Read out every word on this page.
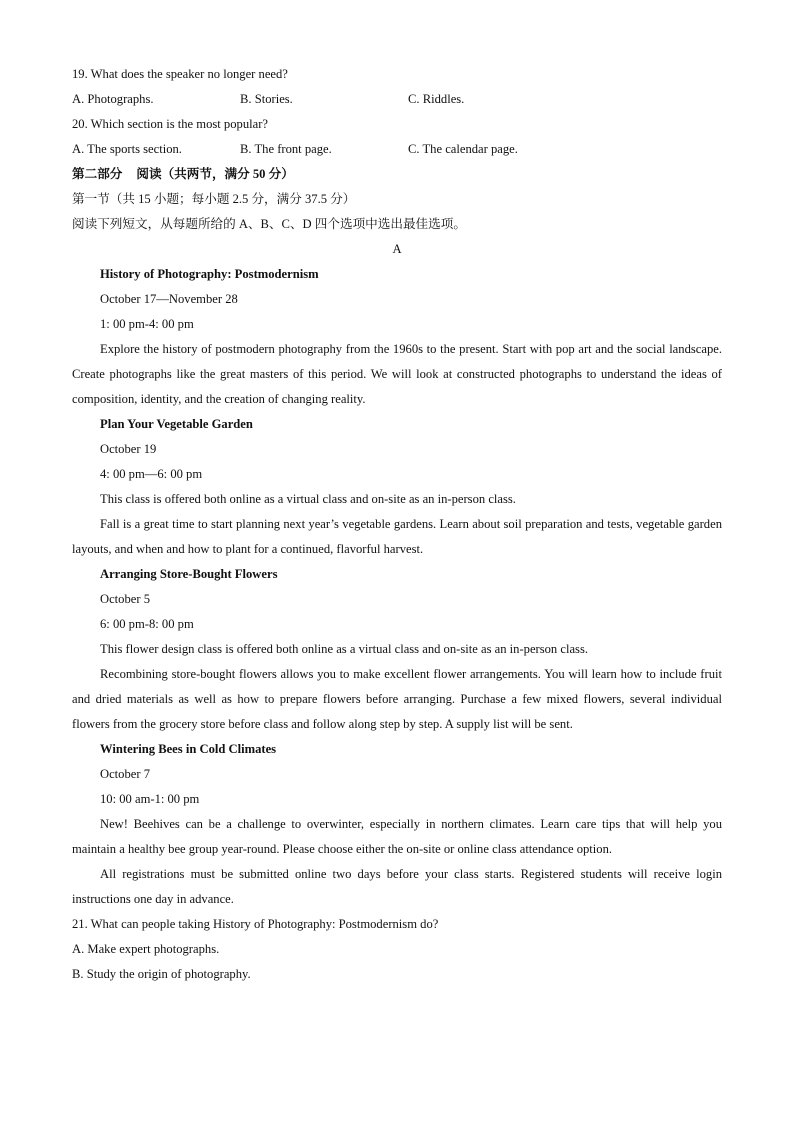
19. What does the speaker no longer need?
A. Photographs.	B. Stories.	C. Riddles.
20. Which section is the most popular?
A. The sports section.	B. The front page.	C. The calendar page.
第二部分 阅读（共两节，满分 50 分）
第一节（共 15 小题；每小题 2.5 分，满分 37.5 分）
阅读下列短文，从每题所给的 A、B、C、D 四个选项中选出最佳选项。
A
History of Photography: Postmodernism
October 17—November 28
1: 00 pm-4: 00 pm

Explore the history of postmodern photography from the 1960s to the present. Start with pop art and the social landscape. Create photographs like the great masters of this period. We will look at constructed photographs to understand the ideas of composition, identity, and the creation of changing reality.

Plan Your Vegetable Garden
October 19
4: 00 pm—6: 00 pm

This class is offered both online as a virtual class and on-site as an in-person class.

Fall is a great time to start planning next year’s vegetable gardens. Learn about soil preparation and tests, vegetable garden layouts, and when and how to plant for a continued, flavorful harvest.

Arranging Store-Bought Flowers
October 5
6: 00 pm-8: 00 pm

This flower design class is offered both online as a virtual class and on-site as an in-person class.

Recombining store-bought flowers allows you to make excellent flower arrangements. You will learn how to include fruit and dried materials as well as how to prepare flowers before arranging. Purchase a few mixed flowers, several individual flowers from the grocery store before class and follow along step by step. A supply list will be sent.

Wintering Bees in Cold Climates
October 7
10: 00 am-1: 00 pm

New! Beehives can be a challenge to overwinter, especially in northern climates. Learn care tips that will help you maintain a healthy bee group year-round. Please choose either the on-site or online class attendance option.

All registrations must be submitted online two days before your class starts. Registered students will receive login instructions one day in advance.

21. What can people taking History of Photography: Postmodernism do?
A. Make expert photographs.
B. Study the origin of photography.
